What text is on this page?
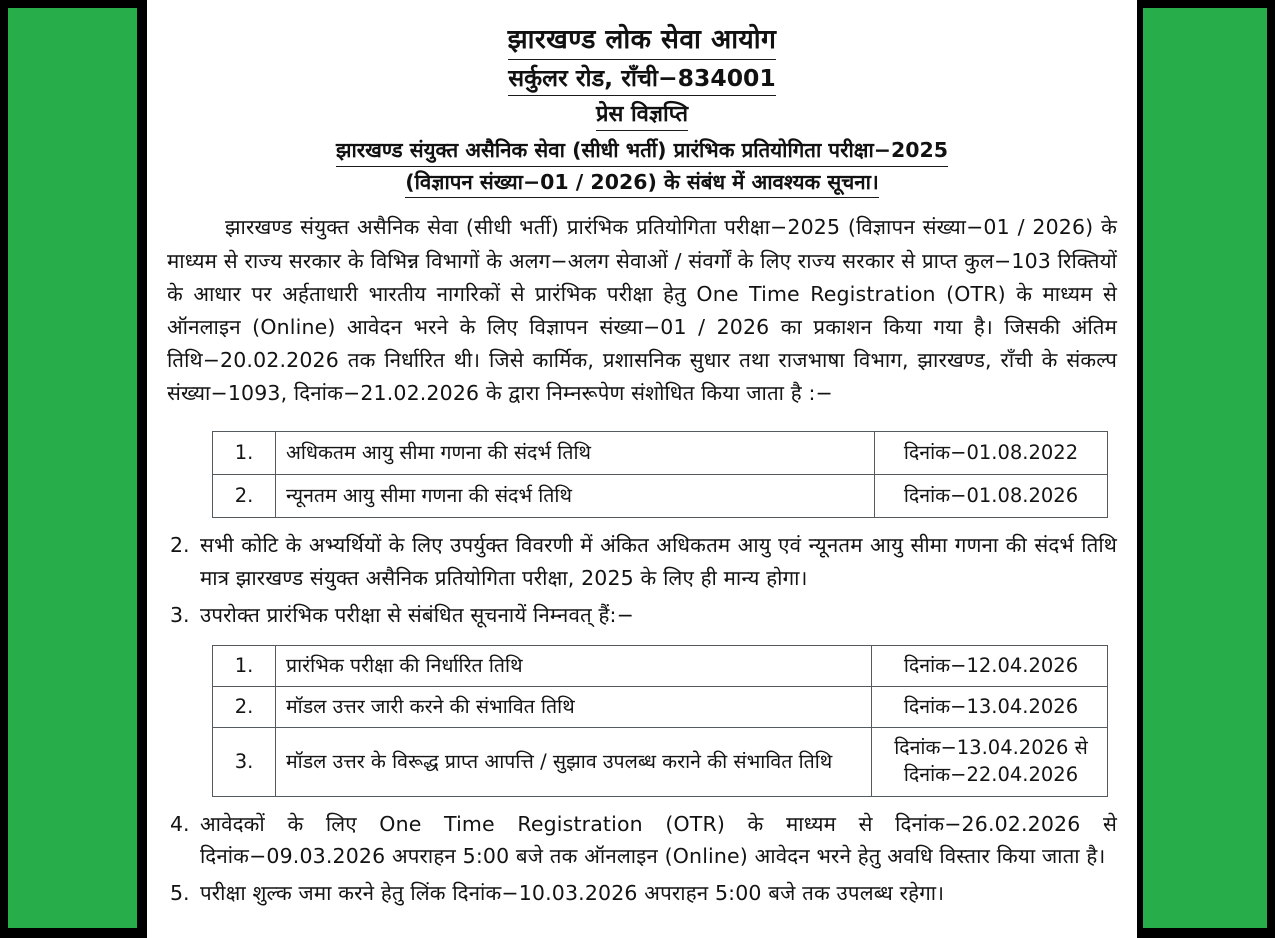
झारखण्ड लोक सेवा आयोग
सर्कुलर रोड, राँची−834001
प्रेस विज्ञप्ति
झारखण्ड संयुक्त असैनिक सेवा (सीधी भर्ती) प्रारंभिक प्रतियोगिता परीक्षा−2025
(विज्ञापन संख्या−01 / 2026) के संबंध में आवश्यक सूचना।

झारखण्ड संयुक्त असैनिक सेवा (सीधी भर्ती) प्रारंभिक प्रतियोगिता परीक्षा−2025 (विज्ञापन संख्या−01 / 2026) के माध्यम से राज्य सरकार के विभिन्न विभागों के अलग−अलग सेवाओं / संवर्गों के लिए राज्य सरकार से प्राप्त कुल−103 रिक्तियों के आधार पर अर्हताधारी भारतीय नागरिकों से प्रारंभिक परीक्षा हेतु One Time Registration (OTR) के माध्यम से ऑनलाइन (Online) आवेदन भरने के लिए विज्ञापन संख्या−01 / 2026 का प्रकाशन किया गया है। जिसकी अंतिम तिथि−20.02.2026 तक निर्धारित थी। जिसे कार्मिक, प्रशासनिक सुधार तथा राजभाषा विभाग, झारखण्ड, राँची के संकल्प संख्या−1093, दिनांक−21.02.2026 के द्वारा निम्नरूपेण संशोधित किया जाता है :−

1.	अधिकतम आयु सीमा गणना की संदर्भ तिथि	दिनांक−01.08.2022
2.	न्यूनतम आयु सीमा गणना की संदर्भ तिथि	दिनांक−01.08.2026
2. सभी कोटि के अभ्यर्थियों के लिए उपर्युक्त विवरणी में अंकित अधिकतम आयु एवं न्यूनतम आयु सीमा गणना की संदर्भ तिथि मात्र झारखण्ड संयुक्त असैनिक प्रतियोगिता परीक्षा, 2025 के लिए ही मान्य होगा।
3. उपरोक्त प्रारंभिक परीक्षा से संबंधित सूचनायें निम्नवत् हैं:−
1.	प्रारंभिक परीक्षा की निर्धारित तिथि	दिनांक−12.04.2026
2.	मॉडल उत्तर जारी करने की संभावित तिथि	दिनांक−13.04.2026
3.	मॉडल उत्तर के विरूद्ध प्राप्त आपत्ति / सुझाव उपलब्ध कराने की संभावित तिथि	दिनांक−13.04.2026 से दिनांक−22.04.2026
4. आवेदकों के लिए One Time Registration (OTR) के माध्यम से दिनांक−26.02.2026 से दिनांक−09.03.2026 अपराहन 5:00 बजे तक ऑनलाइन (Online) आवेदन भरने हेतु अवधि विस्तार किया जाता है।
5. परीक्षा शुल्क जमा करने हेतु लिंक दिनांक−10.03.2026 अपराहन 5:00 बजे तक उपलब्ध रहेगा।
